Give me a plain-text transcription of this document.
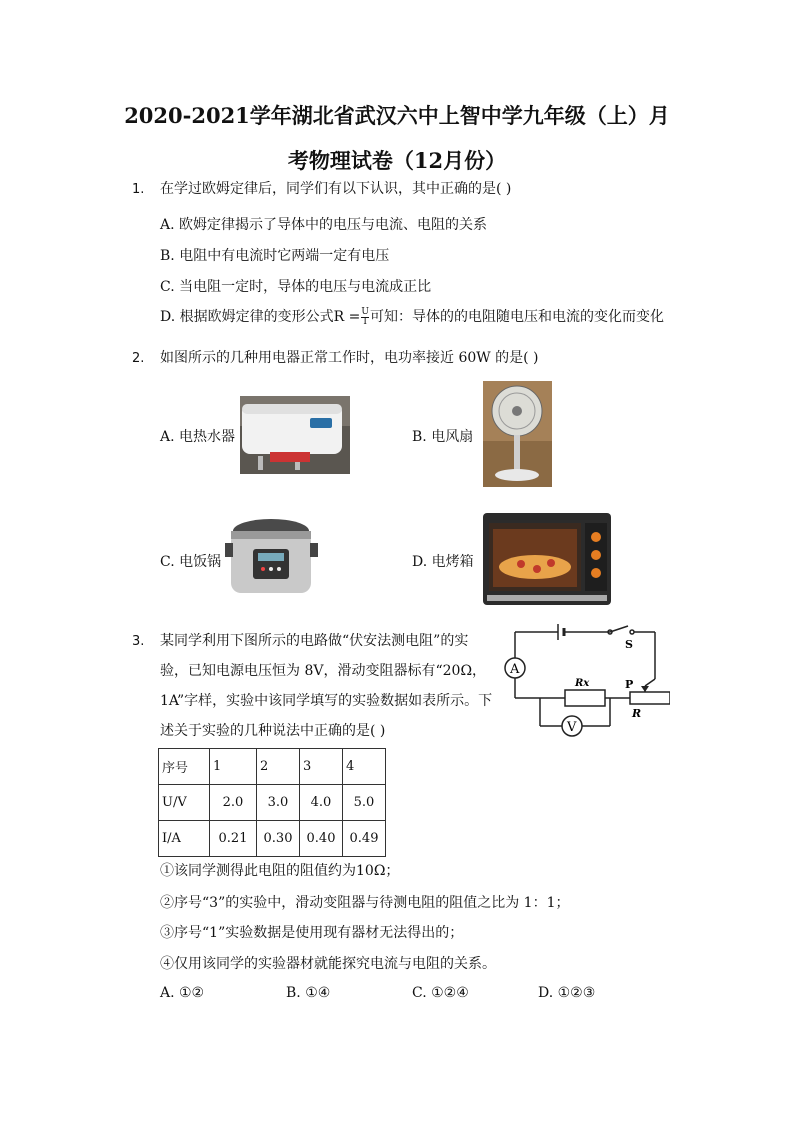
2020-2021学年湖北省武汉六中上智中学九年级（上）月
考物理试卷（12月份）
1. 在学过欧姆定律后，同学们有以下认识，其中正确的是( )
A. 欧姆定律揭示了导体中的电压与电流、电阻的关系
B. 电阻中有电流时它两端一定有电压
C. 当电阻一定时，导体的电压与电流成正比
D. 根据欧姆定律的变形公式$R = \frac{U}{I}$ 可知：导体的的电阻随电压和电流的变化而变化
2. 如图所示的几种用电器正常工作时，电功率接近 60W 的是( )
A. 电热水器	B. 电风扇
C. 电饭锅	D. 电烤箱
3. 某同学利用下图所示的电路做“伏安法测电阻”的实
验，已知电源电压恒为 8V，滑动变阻器标有“20Ω，
1A”字样，实验中该同学填写的实验数据如表所示。下
述关于实验的几种说法中正确的是( )
序号	1	2	3	4
U/V	2.0	3.0	4.0	5.0
I/A	0.21	0.30	0.40	0.49
A
V
S
Rx	P
R
①该同学测得此电阻的阻值约为10Ω；
②序号“3”的实验中，滑动变阻器与待测电阻的阻值之比为 1：1；
③序号“1”实验数据是使用现有器材无法得出的；
④仅用该同学的实验器材就能探究电流与电阻的关系。
A. ①②	B. ①④	C. ①②④	D. ①②③
